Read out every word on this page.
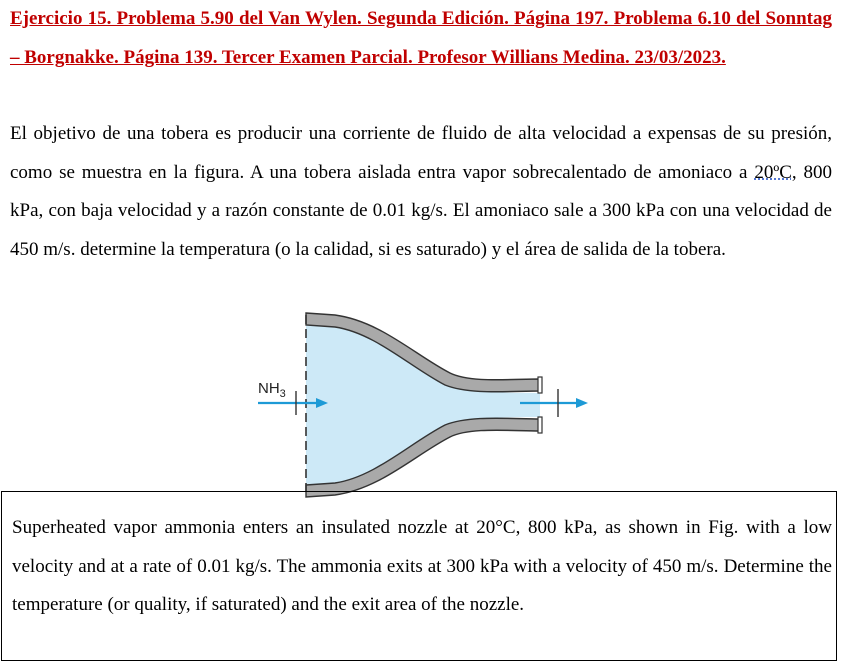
Ejercicio 15. Problema 5.90 del Van Wylen. Segunda Edición. Página 197. Problema 6.10 del Sonntag – Borgnakke. Página 139. Tercer Examen Parcial. Profesor Willians Medina. 23/03/2023.
El objetivo de una tobera es producir una corriente de fluido de alta velocidad a expensas de su presión, como se muestra en la figura. A una tobera aislada entra vapor sobrecalentado de amoniaco a 20ºC, 800 kPa, con baja velocidad y a razón constante de 0.01 kg/s. El amoniaco sale a 300 kPa con una velocidad de 450 m/s. determine la temperatura (o la calidad, si es saturado) y el área de salida de la tobera.
$NH_3$
Superheated vapor ammonia enters an insulated nozzle at 20°C, 800 kPa, as shown in Fig. with a low velocity and at a rate of 0.01 kg/s. The ammonia exits at 300 kPa with a velocity of 450 m/s. Determine the temperature (or quality, if saturated) and the exit area of the nozzle.
